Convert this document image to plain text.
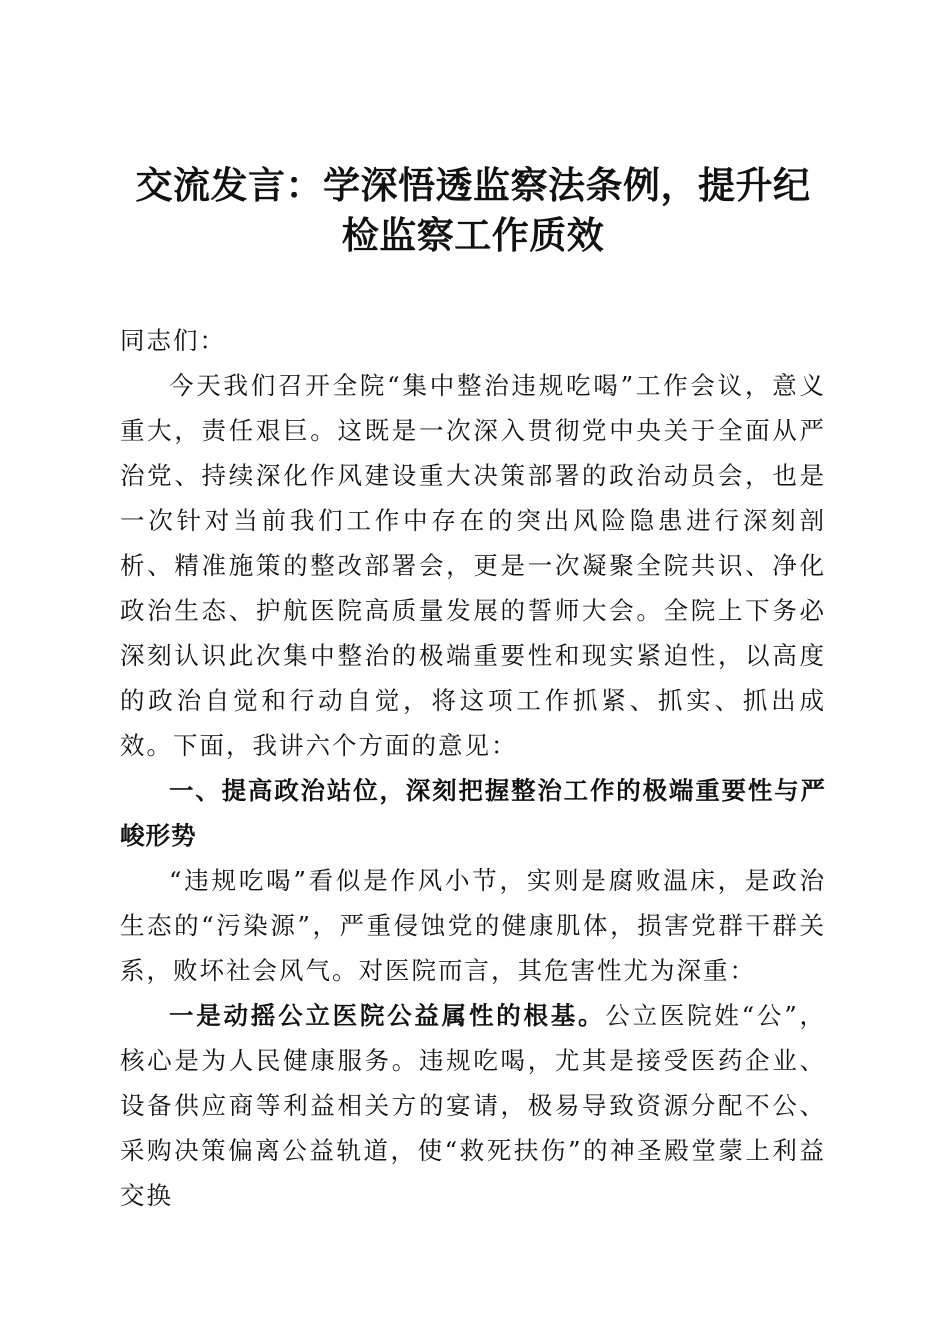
交流发言：学深悟透监察法条例，提升纪检监察工作质效

同志们：

今天我们召开全院“集中整治违规吃喝”工作会议，意义重大，责任艰巨。这既是一次深入贯彻党中央关于全面从严治党、持续深化作风建设重大决策部署的政治动员会，也是一次针对当前我们工作中存在的突出风险隐患进行深刻剖析、精准施策的整改部署会，更是一次凝聚全院共识、净化政治生态、护航医院高质量发展的誓师大会。全院上下务必深刻认识此次集中整治的极端重要性和现实紧迫性，以高度的政治自觉和行动自觉，将这项工作抓紧、抓实、抓出成效。下面，我讲六个方面的意见：

一、提高政治站位，深刻把握整治工作的极端重要性与严峻形势

“违规吃喝”看似是作风小节，实则是腐败温床，是政治生态的“污染源”，严重侵蚀党的健康肌体，损害党群干群关系，败坏社会风气。对医院而言，其危害性尤为深重：

一是动摇公立医院公益属性的根基。公立医院姓“公”，核心是为人民健康服务。违规吃喝，尤其是接受医药企业、设备供应商等利益相关方的宴请，极易导致资源分配不公、采购决策偏离公益轨道，使“救死扶伤”的神圣殿堂蒙上利益交换
